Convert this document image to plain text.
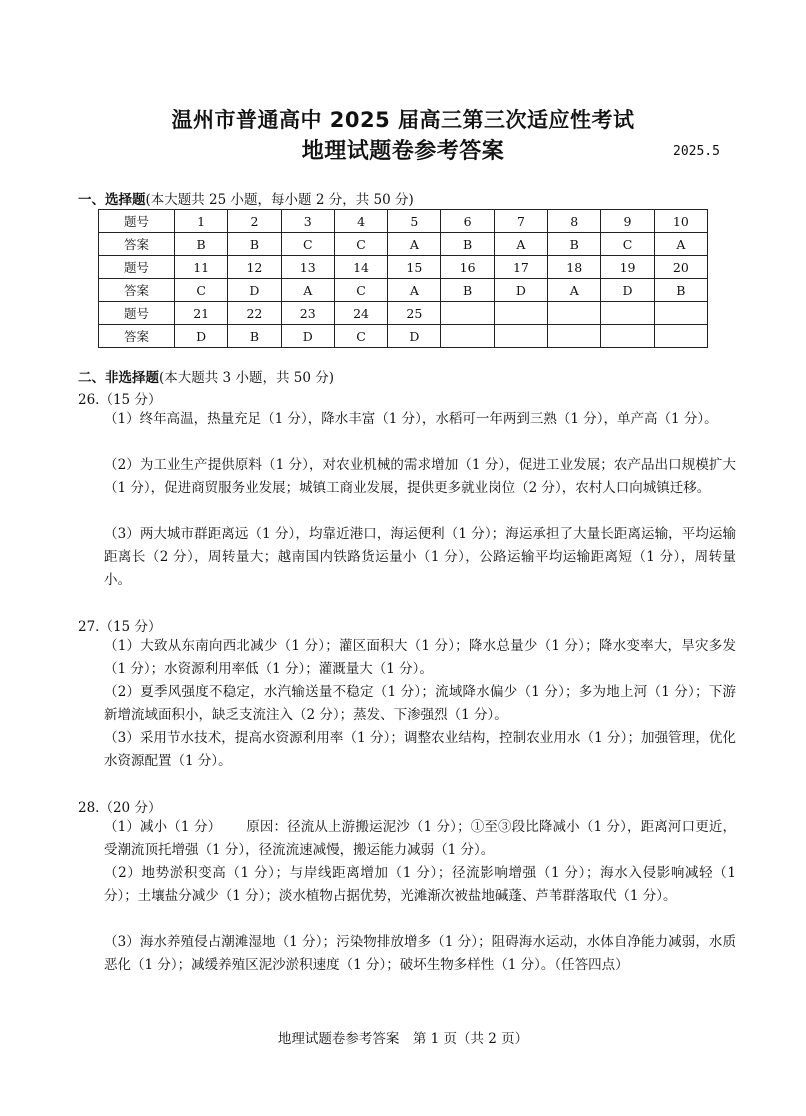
温州市普通高中 2025 届高三第三次适应性考试
地理试题卷参考答案	2025.5
一、选择题(本大题共 25 小题，每小题 2 分，共 50 分)
题号	1	2	3	4	5	6	7	8	9	10
答案	B	B	C	C	A	B	A	B	C	A
题号	11	12	13	14	15	16	17	18	19	20
答案	C	D	A	C	A	B	D	A	D	B
题号	21	22	23	24	25					
答案	D	B	D	C	D					
二、非选择题(本大题共 3 小题，共 50 分)
26.（15 分）
（1）终年高温，热量充足（1 分），降水丰富（1 分），水稻可一年两到三熟（1 分），单产高（1 分）。
（2）为工业生产提供原料（1 分），对农业机械的需求增加（1 分），促进工业发展；农产品出口规模扩大（1 分），促进商贸服务业发展；城镇工商业发展，提供更多就业岗位（2 分），农村人口向城镇迁移。
（3）两大城市群距离远（1 分），均靠近港口，海运便利（1 分）；海运承担了大量长距离运输，平均运输距离长（2 分），周转量大；越南国内铁路货运量小（1 分），公路运输平均运输距离短（1 分），周转量小。
27.（15 分）
（1）大致从东南向西北减少（1 分）；灌区面积大（1 分）；降水总量少（1 分）；降水变率大，旱灾多发（1 分）；水资源利用率低（1 分）；灌溉量大（1 分）。
（2）夏季风强度不稳定，水汽输送量不稳定（1 分）；流域降水偏少（1 分）；多为地上河（1 分）；下游新增流域面积小，缺乏支流注入（2 分）；蒸发、下渗强烈（1 分）。
（3）采用节水技术，提高水资源利用率（1 分）；调整农业结构，控制农业用水（1 分）；加强管理，优化水资源配置（1 分）。
28.（20 分）
（1）减小（1 分）　　 原因：径流从上游搬运泥沙（1 分）；①至③段比降减小（1 分），距离河口更近，受潮流顶托增强（1 分），径流流速减慢，搬运能力减弱（1 分）。
（2）地势淤积变高（1 分）；与岸线距离增加（1 分）；径流影响增强（1 分）；海水入侵影响减轻（1 分）；土壤盐分减少（1 分）；淡水植物占据优势，光滩渐次被盐地碱蓬、芦苇群落取代（1 分）。
（3）海水养殖侵占潮滩湿地（1 分）；污染物排放增多（1 分）；阻碍海水运动，水体自净能力减弱，水质恶化（1 分）；减缓养殖区泥沙淤积速度（1 分）；破坏生物多样性（1 分）。（任答四点）
地理试题卷参考答案　第 1 页（共 2 页）
